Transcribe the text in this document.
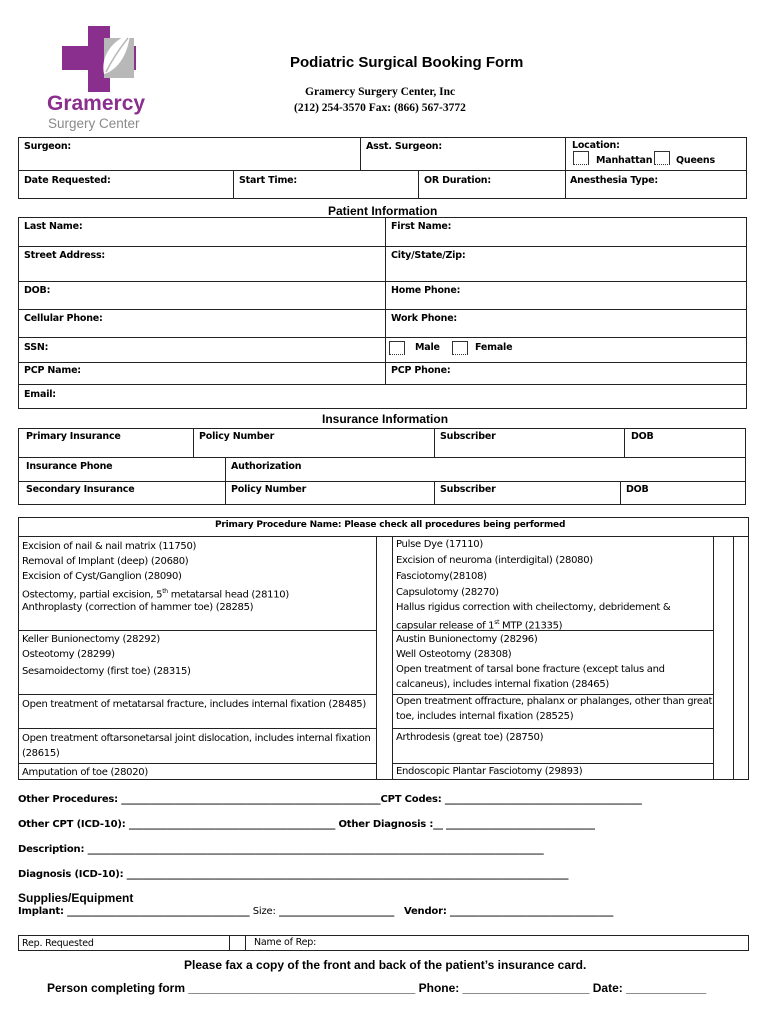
Gramercy
Surgery Center
Podiatric Surgical Booking Form
Gramercy Surgery Center, Inc
(212) 254-3570 Fax: (866) 567-3772
Surgeon:	Asst. Surgeon:	Location:
Manhattan Queens
Date Requested:	Start Time:	OR Duration:	Anesthesia Type:
Patient Information
Last Name:	First Name:
Street Address:	City/State/Zip:
DOB:	Home Phone:
Cellular Phone:	Work Phone:
SSN:	Male	Female
PCP Name:	PCP Phone:
Email:
Insurance Information
Primary Insurance	Policy Number	Subscriber	DOB
Insurance Phone	Authorization
Secondary Insurance	Policy Number	Subscriber	DOB
Primary Procedure Name: Please check all procedures being performed
Excision of nail & nail matrix (11750)
Removal of Implant (deep) (20680)
Excision of Cyst/Ganglion (28090)
Ostectomy, partial excision, 5th metatarsal head (28110)
Anthroplasty (correction of hammer toe) (28285)
Keller Bunionectomy (28292)
Osteotomy (28299)
Sesamoidectomy (first toe) (28315)
Open treatment of metatarsal fracture, includes internal fixation (28485)
Open treatment oftarsonetarsal joint dislocation, includes internal fixation (28615)
Amputation of toe (28020)
Pulse Dye (17110)
Excision of neuroma (interdigital) (28080)
Fasciotomy(28108)
Capsulotomy (28270)
Hallus rigidus correction with cheilectomy, debridement & capsular release of 1st MTP (21335)
Austin Bunionectomy (28296)
Well Osteotomy (28308)
Open treatment of tarsal bone fracture (except talus and calcaneus), includes internal fixation (28465)
Open treatment offracture, phalanx or phalanges, other than great toe, includes internal fixation (28525)
Arthrodesis (great toe) (28750)
Endoscopic Plantar Fasciotomy (29893)
Other Procedures: ______________________________________________________CPT Codes: _________________________________________
Other CPT (ICD-10): ___________________________________________ Other Diagnosis :__ _______________________________
Description: _______________________________________________________________________________________________
Diagnosis (ICD-10): ____________________________________________________________________________________________
Supplies/Equipment
Implant: ______________________________________ Size: ________________________   Vendor: __________________________________
Rep. Requested	Name of Rep:
Please fax a copy of the front and back of the patient’s insurance card.
Person completing form __________________________________ Phone: ___________________ Date: ____________
